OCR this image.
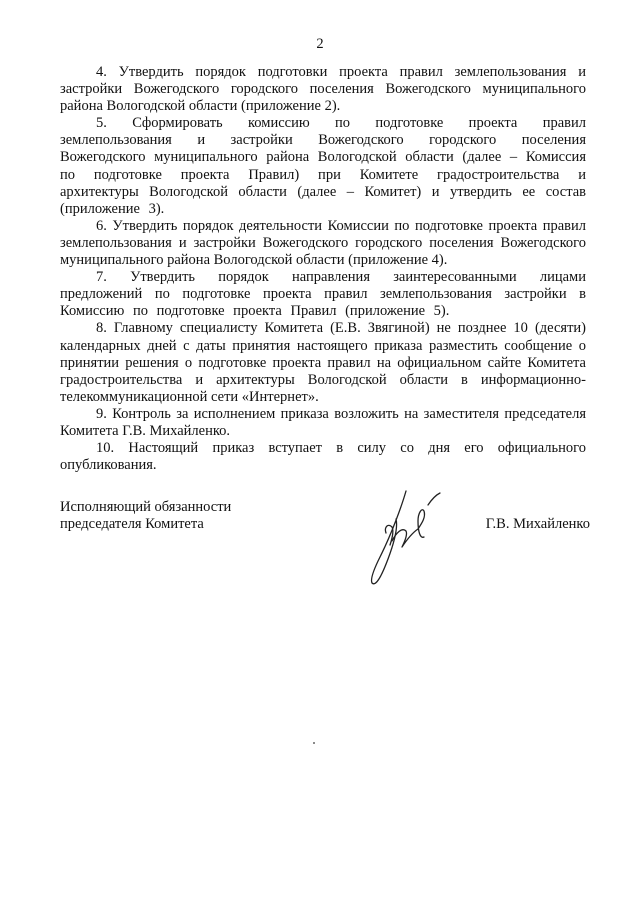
2

4. Утвердить порядок подготовки проекта правил землепользования и застройки Вожегодского городского поселения Вожегодского муниципального района Вологодской области (приложение 2).

5. Сформировать комиссию по подготовке проекта правил землепользования и застройки Вожегодского городского поселения Вожегодского муниципального района Вологодской области (далее – Комиссия по подготовке проекта Правил) при Комитете градостроительства и архитектуры Вологодской области (далее – Комитет) и утвердить ее состав (приложение 3).

6. Утвердить порядок деятельности Комиссии по подготовке проекта правил землепользования и застройки Вожегодского городского поселения Вожегодского муниципального района Вологодской области (приложение 4).

7. Утвердить порядок направления заинтересованными лицами предложений по подготовке проекта правил землепользования застройки в Комиссию по подготовке проекта Правил (приложение 5).

8. Главному специалисту Комитета (Е.В. Звягиной) не позднее 10 (десяти) календарных дней с даты принятия настоящего приказа разместить сообщение о принятии решения о подготовке проекта правил на официальном сайте Комитета градостроительства и архитектуры Вологодской области в информационно-телекоммуникационной сети «Интернет».

9. Контроль за исполнением приказа возложить на заместителя председателя Комитета Г.В. Михайленко.

10. Настоящий приказ вступает в силу со дня его официального опубликования.

Исполняющий обязанности
председателя Комитета	Г.В. Михайленко
